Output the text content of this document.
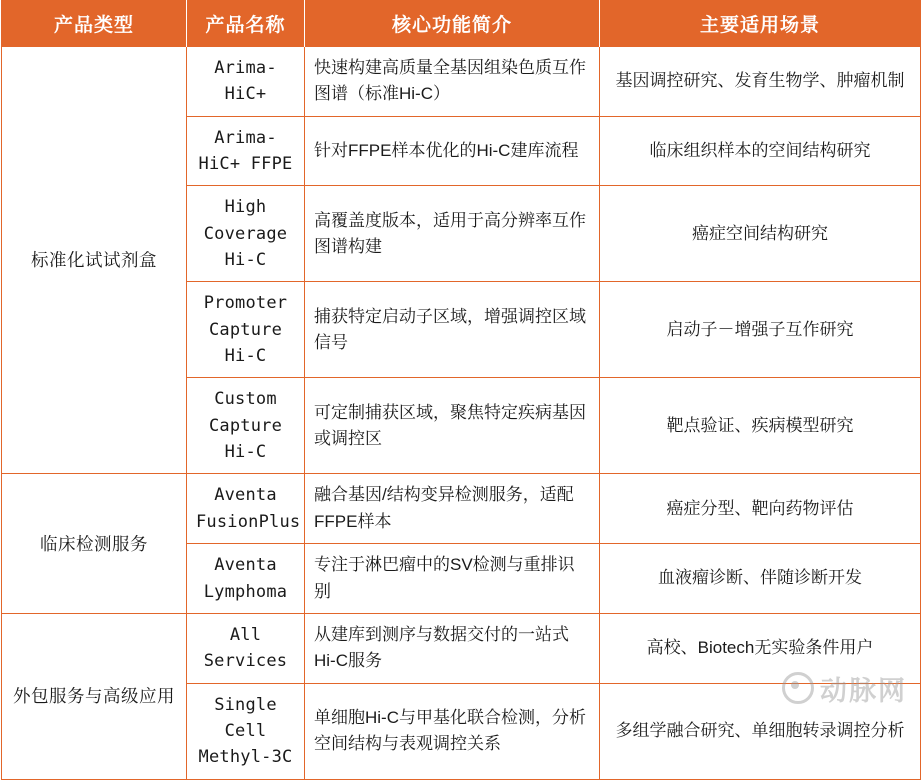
产品类型	产品名称	核心功能简介	主要适用场景
标准化试试剂盒	Arima-HiC+	快速构建高质量全基因组染色质互作图谱（标准Hi-C）	基因调控研究、发育生物学、肿瘤机制
	Arima-HiC+ FFPE	针对FFPE样本优化的Hi-C建库流程	临床组织样本的空间结构研究
	High Coverage Hi-C	高覆盖度版本，适用于高分辨率互作图谱构建	癌症空间结构研究
	Promoter Capture Hi-C	捕获特定启动子区域，增强调控区域信号	启动子－增强子互作研究
	Custom Capture Hi-C	可定制捕获区域，聚焦特定疾病基因或调控区	靶点验证、疾病模型研究
临床检测服务	Aventa FusionPlus	融合基因/结构变异检测服务，适配FFPE样本	癌症分型、靶向药物评估
	Aventa Lymphoma	专注于淋巴瘤中的SV检测与重排识别	血液瘤诊断、伴随诊断开发
外包服务与高级应用	All Services	从建库到测序与数据交付的一站式Hi-C服务	高校、Biotech无实验条件用户
	Single Cell Methyl-3C	单细胞Hi-C与甲基化联合检测，分析空间结构与表观调控关系	多组学融合研究、单细胞转录调控分析
动脉网
